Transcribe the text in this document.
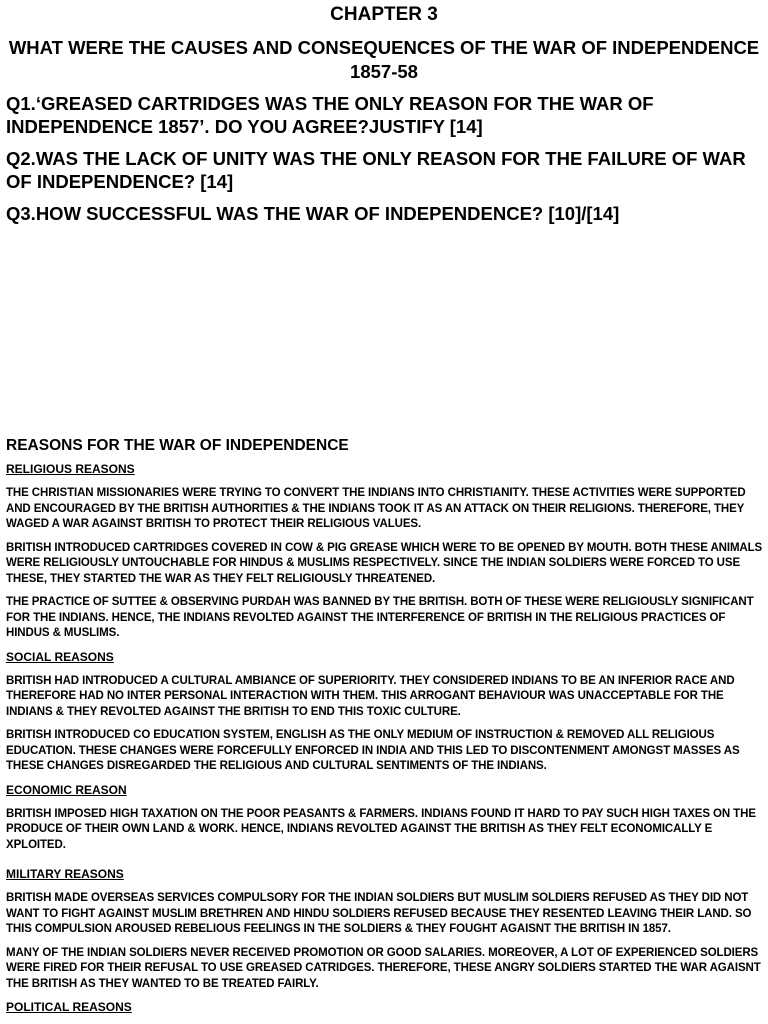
CHAPTER 3
WHAT WERE THE CAUSES AND CONSEQUENCES OF THE WAR OF INDEPENDENCE 1857-58

Q1.‘GREASED CARTRIDGES WAS THE ONLY REASON FOR THE WAR OF INDEPENDENCE 1857’. DO YOU AGREE?JUSTIFY [14]

Q2.WAS THE LACK OF UNITY WAS THE ONLY REASON FOR THE FAILURE OF WAR OF INDEPENDENCE? [14]

Q3.HOW SUCCESSFUL WAS THE WAR OF INDEPENDENCE? [10]/[14]

REASONS FOR THE WAR OF INDEPENDENCE
RELIGIOUS REASONS

THE CHRISTIAN MISSIONARIES WERE TRYING TO CONVERT THE INDIANS INTO CHRISTIANITY. THESE ACTIVITIES WERE SUPPORTED AND ENCOURAGED BY THE BRITISH AUTHORITIES & THE INDIANS TOOK IT AS AN ATTACK ON THEIR RELIGIONS. THEREFORE, THEY WAGED A WAR AGAINST BRITISH TO PROTECT THEIR RELIGIOUS VALUES.

BRITISH INTRODUCED CARTRIDGES COVERED IN COW & PIG GREASE WHICH WERE TO BE OPENED BY MOUTH. BOTH THESE ANIMALS WERE RELIGIOUSLY UNTOUCHABLE FOR HINDUS & MUSLIMS RESPECTIVELY. SINCE THE INDIAN SOLDIERS WERE FORCED TO USE THESE, THEY STARTED THE WAR AS THEY FELT RELIGIOUSLY THREATENED.

THE PRACTICE OF SUTTEE & OBSERVING PURDAH WAS BANNED BY THE BRITISH. BOTH OF THESE WERE RELIGIOUSLY SIGNIFICANT FOR THE INDIANS. HENCE, THE INDIANS REVOLTED AGAINST THE INTERFERENCE OF BRITISH IN THE RELIGIOUS PRACTICES OF HINDUS & MUSLIMS.

SOCIAL REASONS

BRITISH HAD INTRODUCED A CULTURAL AMBIANCE OF SUPERIORITY. THEY CONSIDERED INDIANS TO BE AN INFERIOR RACE AND THEREFORE HAD NO INTER PERSONAL INTERACTION WITH THEM. THIS ARROGANT BEHAVIOUR WAS UNACCEPTABLE FOR THE INDIANS & THEY REVOLTED AGAINST THE BRITISH TO END THIS TOXIC CULTURE.

BRITISH INTRODUCED CO EDUCATION SYSTEM, ENGLISH AS THE ONLY MEDIUM OF INSTRUCTION & REMOVED ALL RELIGIOUS EDUCATION. THESE CHANGES WERE FORCEFULLY ENFORCED IN INDIA AND THIS LED TO DISCONTENMENT AMONGST MASSES AS THESE CHANGES DISREGARDED THE RELIGIOUS AND CULTURAL SENTIMENTS OF THE INDIANS.

ECONOMIC REASON

BRITISH IMPOSED HIGH TAXATION ON THE POOR PEASANTS & FARMERS. INDIANS FOUND IT HARD TO PAY SUCH HIGH TAXES ON THE PRODUCE OF THEIR OWN LAND & WORK. HENCE, INDIANS REVOLTED AGAINST THE BRITISH AS THEY FELT ECONOMICALLY E XPLOITED.

MILITARY REASONS

BRITISH MADE OVERSEAS SERVICES COMPULSORY FOR THE INDIAN SOLDIERS BUT MUSLIM SOLDIERS REFUSED AS THEY DID NOT WANT TO FIGHT AGAINST MUSLIM BRETHREN AND HINDU SOLDIERS REFUSED BECAUSE THEY RESENTED LEAVING THEIR LAND. SO THIS COMPULSION AROUSED REBELIOUS FEELINGS IN THE SOLDIERS & THEY FOUGHT AGAISNT THE BRITISH IN 1857.

MANY OF THE INDIAN SOLDIERS NEVER RECEIVED PROMOTION OR GOOD SALARIES. MOREOVER, A LOT OF EXPERIENCED SOLDIERS WERE FIRED FOR THEIR REFUSAL TO USE GREASED CATRIDGES. THEREFORE, THESE ANGRY SOLDIERS STARTED THE WAR AGAISNT THE BRITISH AS THEY WANTED TO BE TREATED FAIRLY.

POLITICAL REASONS
